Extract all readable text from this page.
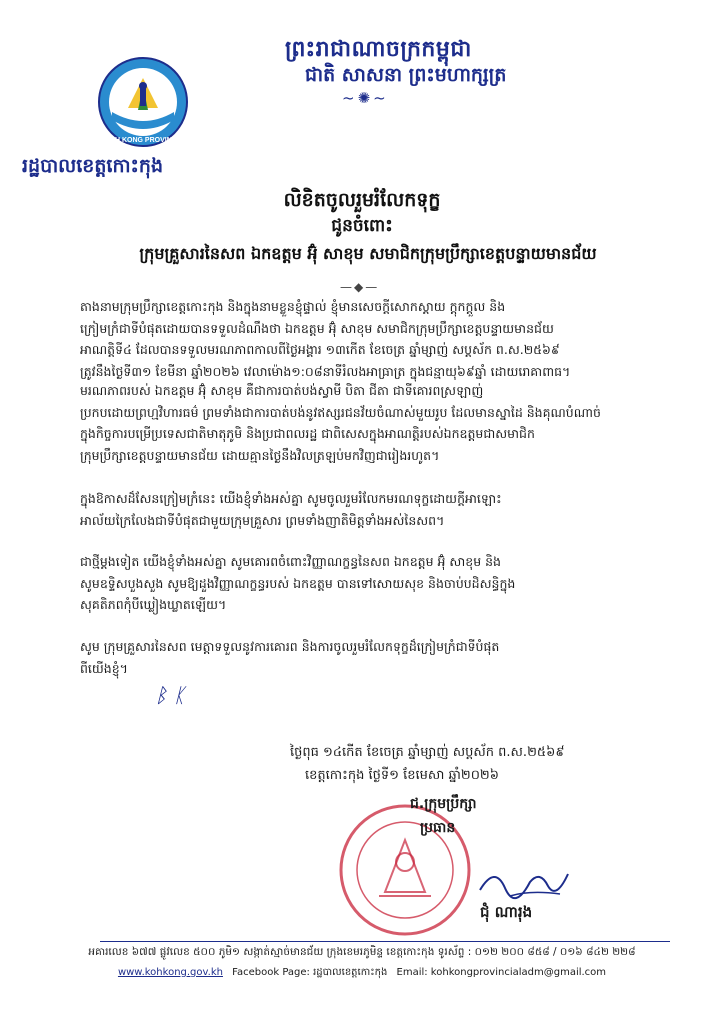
ព្រះរាជាណាចក្រកម្ពុជា
ជាតិ សាសនា ព្រះមហាក្សត្រ
~✺~
KOH KONG PROVINCE
រដ្ឋបាលខេត្តកោះកុង
លិខិតចូលរួមរំលែកទុក្ខ
ជូនចំពោះ
ក្រុមគ្រួសារនៃសព ឯកឧត្តម អ៊ុំ សាខុម សមាជិកក្រុមប្រឹក្សាខេត្តបន្ទាយមានជ័យ
—◆—
តាងនាមក្រុមប្រឹក្សាខេត្តកោះកុង និងក្នុងនាមខ្លួនខ្ញុំផ្ទាល់ ខ្ញុំមានសេចក្ដីសោកស្ដាយ ក្ដុកក្ដួល និង
ក្រៀមក្រំជាទីបំផុតដោយបានទទួលដំណឹងថា ឯកឧត្តម អ៊ុំ សាខុម សមាជិកក្រុមប្រឹក្សាខេត្តបន្ទាយមានជ័យ
អាណត្តិទី៤ ដែលបានទទួលមរណភាពកាលពីថ្ងៃអង្គារ ១៣កើត ខែចេត្រ ឆ្នាំម្សាញ់ សប្តស័ក ព.ស.២៥៦៩
ត្រូវនឹងថ្ងៃទី៣១ ខែមីនា ឆ្នាំ២០២៦ វេលាម៉ោង១:០៨នាទីរំលងអាធ្រាត្រ ក្នុងជន្មាយុ៦៩ឆ្នាំ ដោយរោគាពាធ។
មរណភាពរបស់ ឯកឧត្តម អ៊ុំ សាខុម គឺជាការបាត់បង់ស្វាមី បិតា ជីតា ជាទីគោរពស្រឡាញ់
ប្រកបដោយព្រហ្មវិហារធម៌ ព្រមទាំងជាការបាត់បង់នូវឥស្សរជនវ័យចំណាស់មួយរូប ដែលមានស្នាដៃ និងគុណបំណាច់
ក្នុងកិច្ចការបម្រើប្រទេសជាតិមាតុភូមិ និងប្រជាពលរដ្ឋ ជាពិសេសក្នុងអាណត្តិរបស់ឯកឧត្តមជាសមាជិក
ក្រុមប្រឹក្សាខេត្តបន្ទាយមានជ័យ ដោយគ្មានថ្ងៃនឹងវិលត្រឡប់មកវិញជារៀងរហូត។
ក្នុងឱកាសដ៏សែនក្រៀមក្រំនេះ យើងខ្ញុំទាំងអស់គ្នា សូមចូលរួមរំលែកមរណទុក្ខដោយក្តីអាឡោះ
អាល័យក្រៃលែងជាទីបំផុតជាមួយក្រុមគ្រួសារ ព្រមទាំងញាតិមិត្តទាំងអស់នៃសព។
ជាថ្មីម្តងទៀត យើងខ្ញុំទាំងអស់គ្នា សូមគោរពចំពោះវិញ្ញាណក្ខន្ធនៃសព ឯកឧត្តម អ៊ុំ សាខុម និង
សូមឧទ្ទិសបួងសួង សូមឱ្យដួងវិញ្ញាណក្ខន្ធរបស់ ឯកឧត្តម បានទៅសោយសុខ និងចាប់បដិសន្ធិក្នុង
សុគតិភពកុំបីឃ្លៀងឃ្លាតឡើយ។
សូម ក្រុមគ្រួសារនៃសព មេត្តាទទួលនូវការគោរព និងការចូលរួមរំលែកទុក្ខដ៏ក្រៀមក្រំជាទីបំផុត
ពីយើងខ្ញុំ។
ᛒ ᛕ
ថ្ងៃពុធ ១៤កើត ខែចេត្រ ឆ្នាំម្សាញ់ សប្តស័ក ព.ស.២៥៦៩
ខេត្តកោះកុង ថ្ងៃទី១ ខែមេសា ឆ្នាំ២០២៦
ជ.ក្រុមប្រឹក្សា
ប្រធាន
ជុំ ណារុង
អគារលេខ ៦៧៧ ផ្លូវលេខ ៥០០ ភូមិ១ សង្កាត់ស្មាច់មានជ័យ ក្រុងខេមរភូមិន្ទ ខេត្តកោះកុង ទូរស័ព្ទ : ០១២ ២០០ ៨៥៨ / ០១៦ ៨៤២ ២២៨
www.kohkong.gov.kh Facebook Page: រដ្ឋបាលខេត្តកោះកុង Email: kohkongprovincialadm@gmail.com
